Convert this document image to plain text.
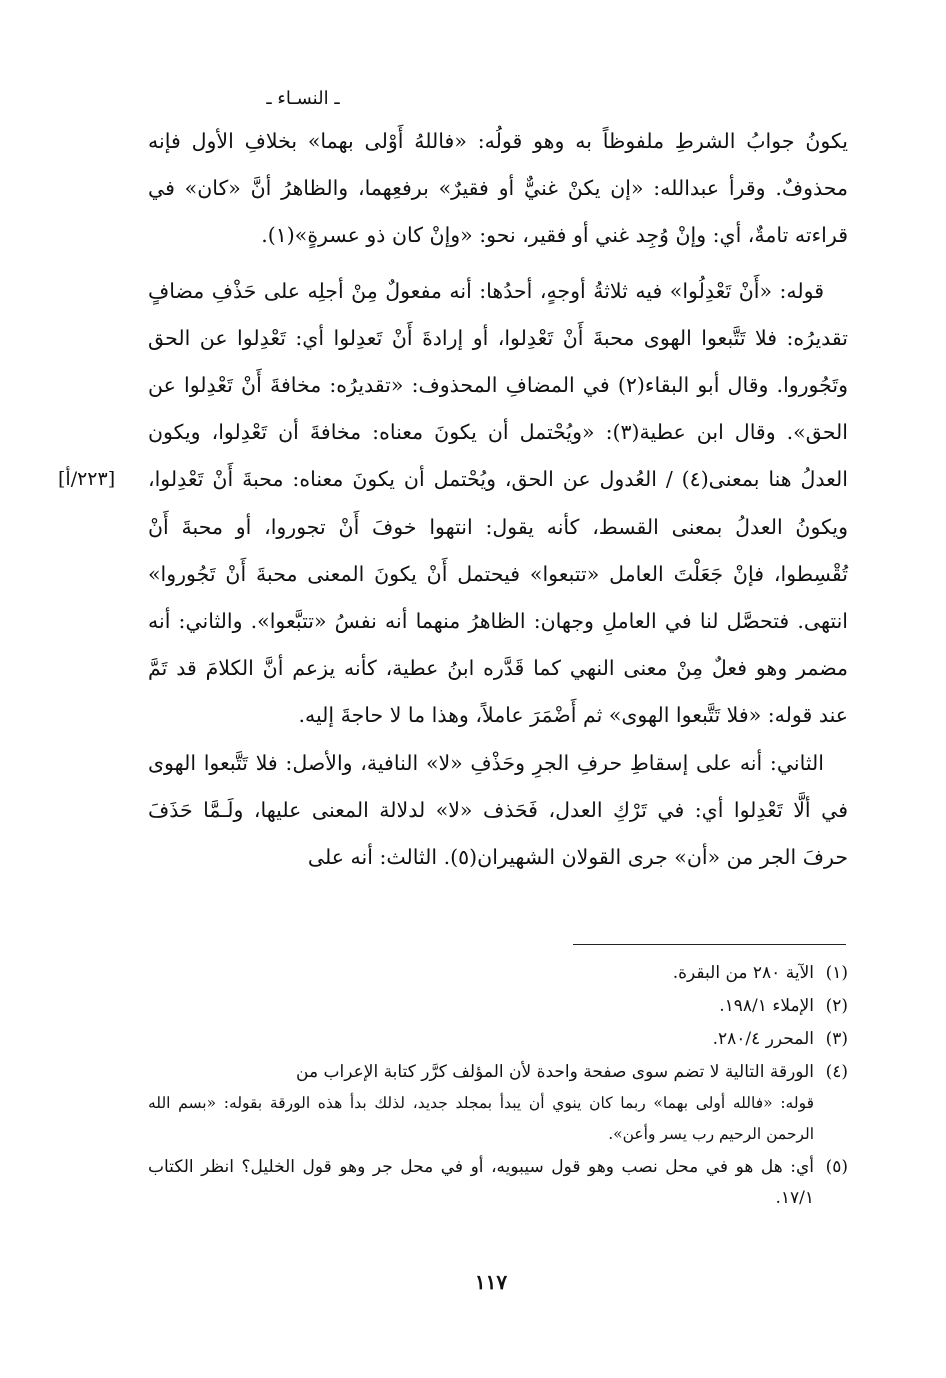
ـ النسـاء ـ

يكونُ جوابُ الشرطِ ملفوظاً به وهو قولُه: «فاللهُ أَوْلى بهما» بخلافِ الأول فإنه محذوفٌ. وقرأ عبدالله: «إن يكنْ غنيٌّ أو فقيرٌ» برفعِهما، والظاهرُ أنَّ «كان» في قراءته تامةٌ، أي: وإنْ وُجِد غني أو فقير، نحو: «وإنْ كان ذو عسرةٍ»(١).

قوله: «أَنْ تَعْدِلُوا» فيه ثلاثةُ أوجهٍ، أحدُها: أنه مفعولٌ مِنْ أجلِه على حَذْفِ مضافٍ تقديرُه: فلا تَتَّبعوا الهوى محبةَ أَنْ تَعْدِلوا، أو إرادةَ أَنْ تَعدِلوا أي: تَعْدِلوا عن الحق وتَجُوروا. وقال أبو البقاء(٢) في المضافِ المحذوف: «تقديرُه: مخافةَ أَنْ تَعْدِلوا عن الحق». وقال ابن عطية(٣): «ويُحْتمل أن يكونَ معناه: مخافةَ أن تَعْدِلوا، ويكون العدلُ هنا بمعنى(٤) / العُدول عن الحق، ويُحْتمل أن يكونَ معناه: محبةَ أَنْ تَعْدِلوا، ويكونُ العدلُ بمعنى القسط، كأنه يقول: انتهوا خوفَ أَنْ تجوروا، أو محبةَ أَنْ تُقْسِطوا، فإنْ جَعَلْتَ العامل «تتبعوا» فيحتمل أَنْ يكونَ المعنى محبةَ أَنْ تَجُوروا» انتهى. فتحصَّل لنا في العاملِ وجهان: الظاهرُ منهما أنه نفسُ «تتبَّعوا». والثاني: أنه مضمر وهو فعلٌ مِنْ معنى النهي كما قَدَّره ابنُ عطية، كأنه يزعم أنَّ الكلامَ قد تَمَّ عند قوله: «فلا تَتَّبعوا الهوى» ثم أَضْمَرَ عاملاً، وهذا ما لا حاجةَ إليه.

الثاني: أنه على إسقاطِ حرفِ الجرِ وحَذْفِ «لا» النافية، والأصل: فلا تَتَّبعوا الهوى في ألَّا تَعْدِلوا أي: في تَرْكِ العدل، فَحَذف «لا» لدلالة المعنى عليها، ولَـمَّا حَذَفَ حرفَ الجر من «أن» جرى القولان الشهيران(٥). الثالث: أنه على

[٢٢٣/أ]
(١)
الآية ٢٨٠ من البقرة.
(٢)
الإملاء ١٩٨/١.
(٣)
المحرر ٢٨٠/٤.
(٤)
الورقة التالية لا تضم سوى صفحة واحدة لأن المؤلف كرَّر كتابة الإعراب من
قوله: «فالله أولى بهما» ربما كان ينوي أن يبدأ بمجلد جديد، لذلك بدأ هذه الورقة بقوله: «بسم الله الرحمن الرحيم رب يسر وأعن».
(٥)
أي: هل هو في محل نصب وهو قول سيبويه، أو في محل جر وهو قول الخليل؟ انظر الكتاب ١٧/١.
١١٧
